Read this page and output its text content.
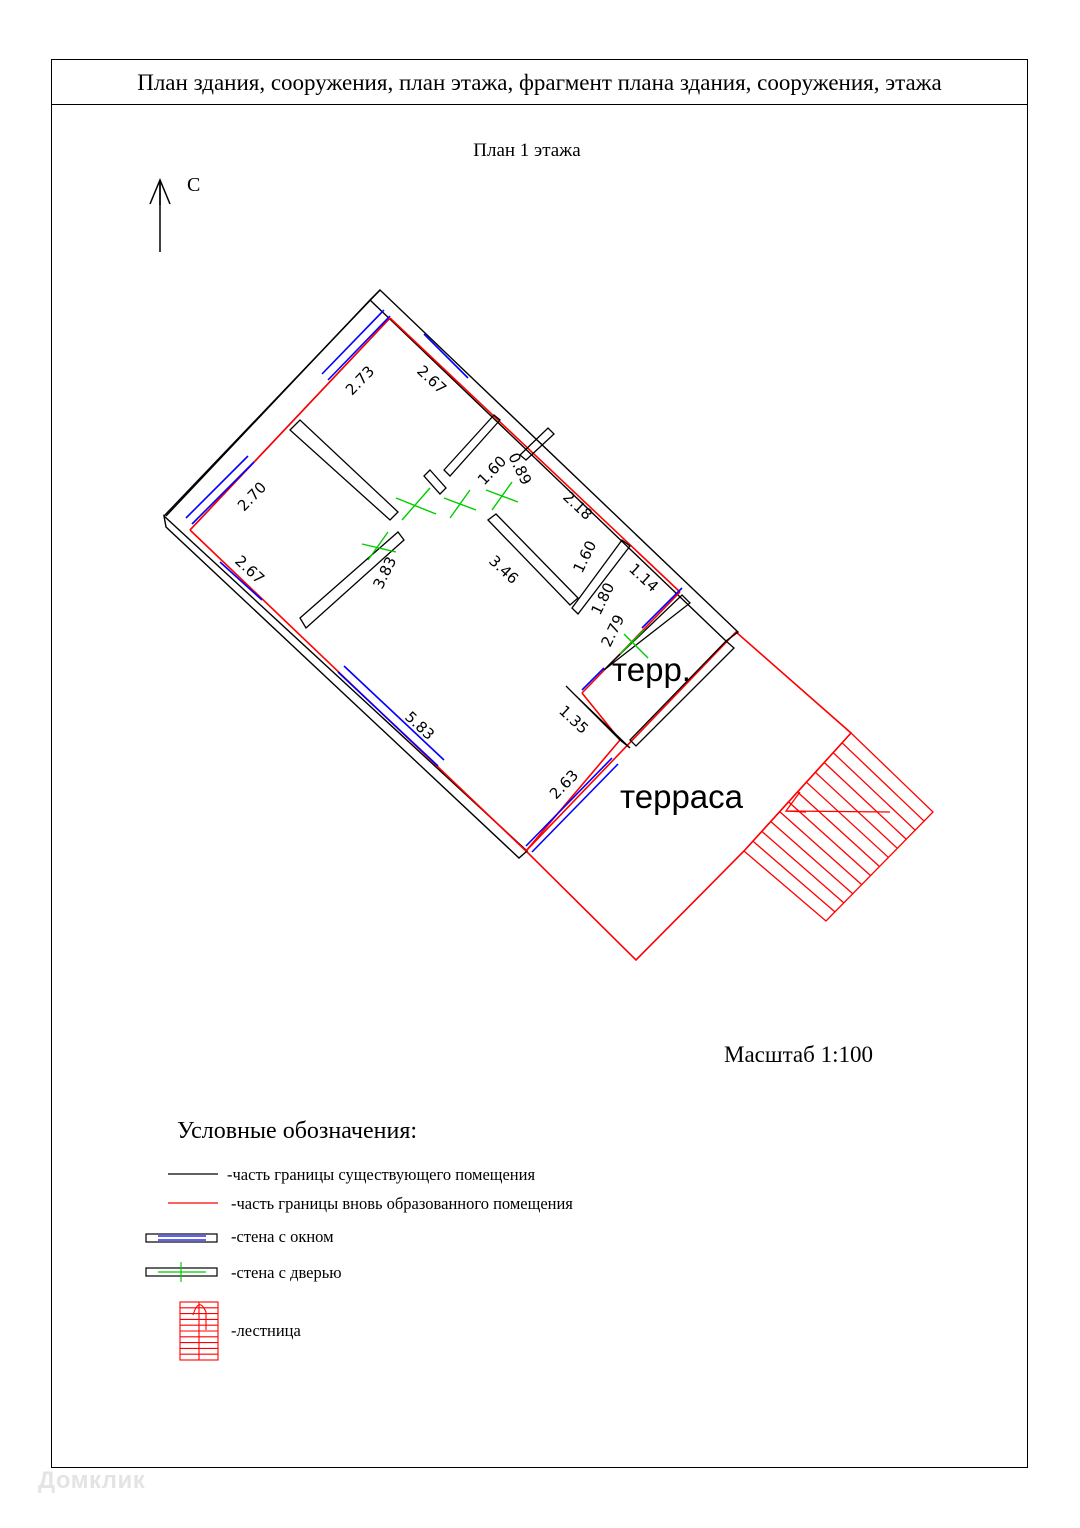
План здания, сооружения, план этажа, фрагмент плана здания, сооружения, этажа
План 1 этажа
С
2.73 2.67
2.70
2.67
1.60
0.89
2.18
3.83	3.46	1.60
1.14
1.80
2.79
5.83	1.35
2.63
терр.
терраса
Масштаб 1:100
Условные обозначения:
-часть границы существующего помещения
-часть границы вновь образованного помещения
-стена с окном
-стена с дверью
-лестница
Домклик
